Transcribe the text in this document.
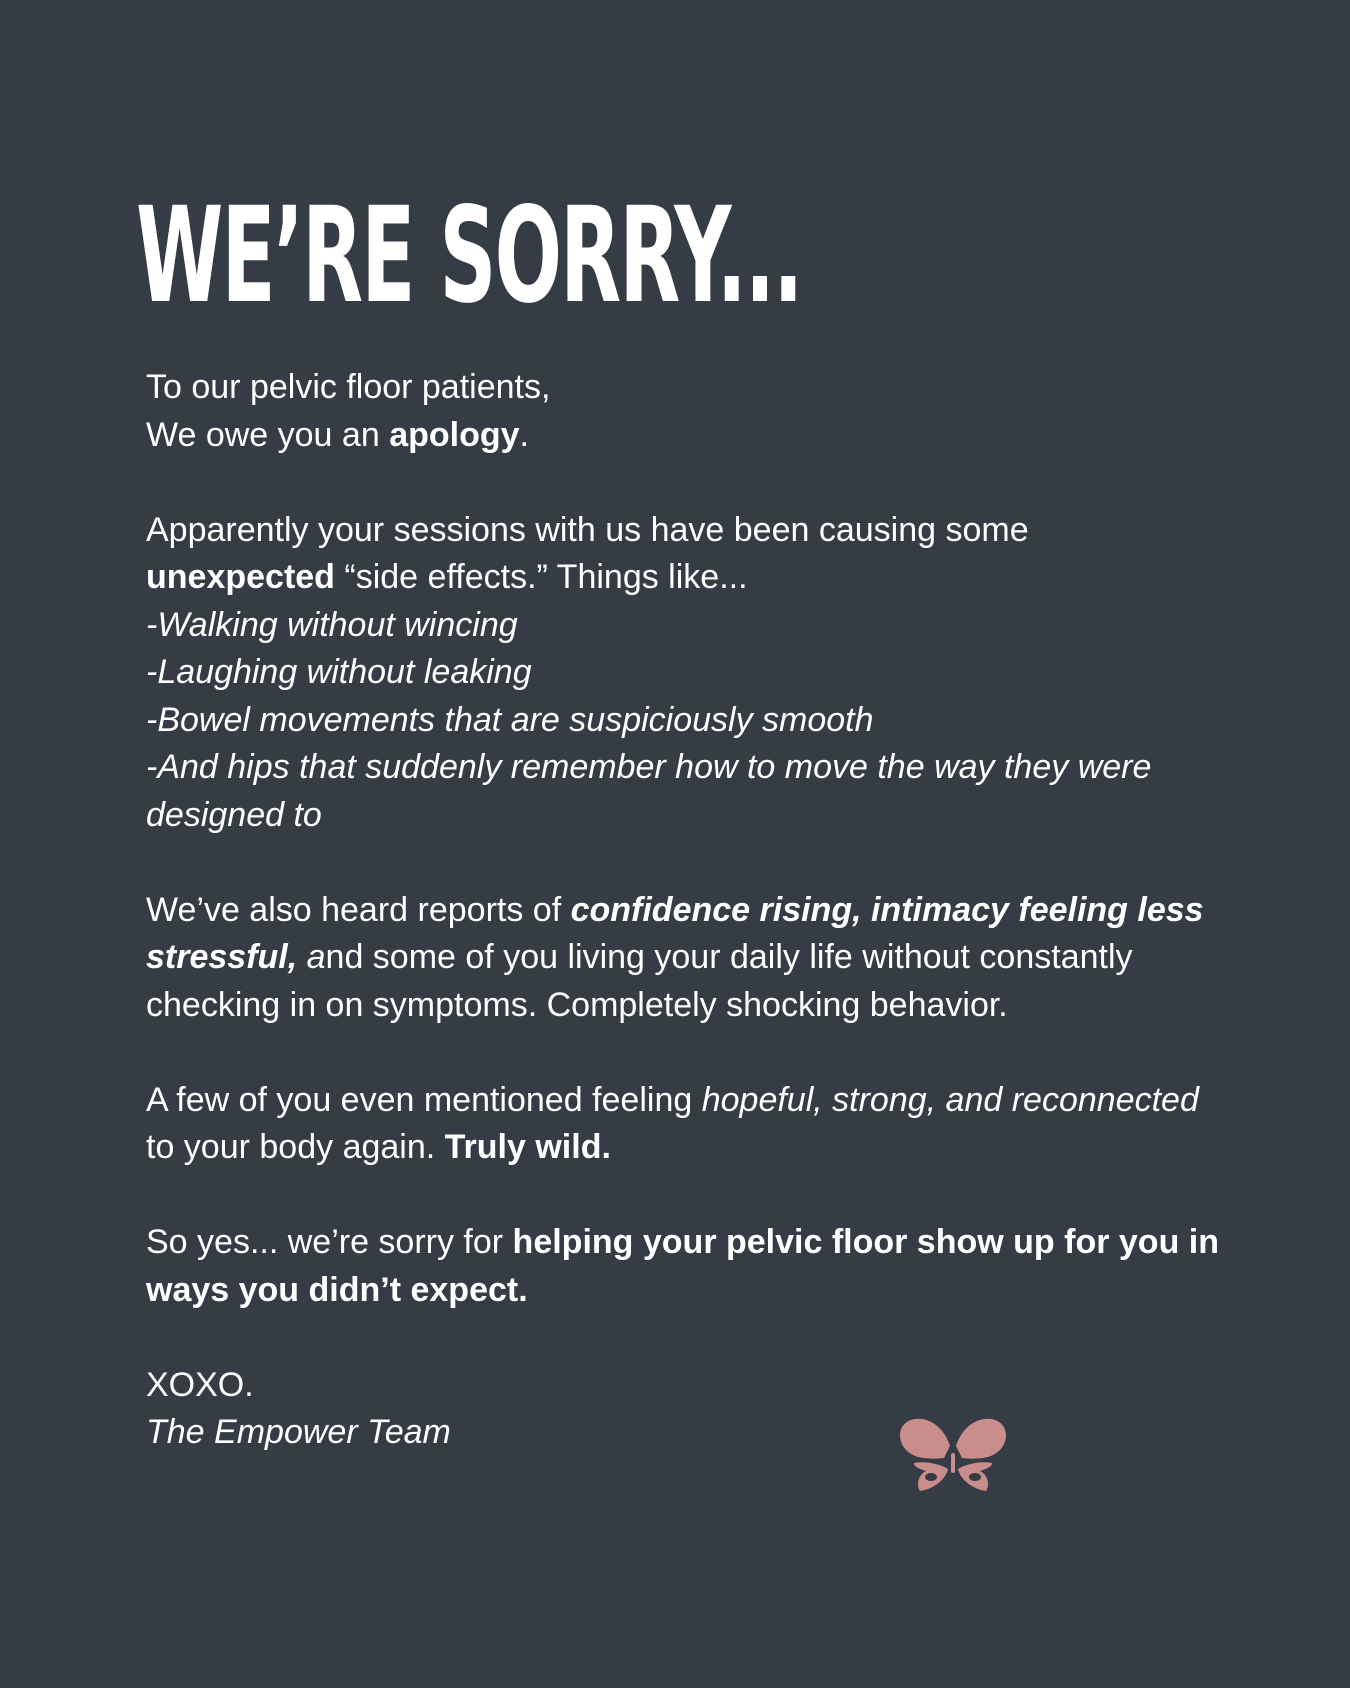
WE’RE SORRY...

To our pelvic floor patients,
We owe you an apology.

Apparently your sessions with us have been causing some
unexpected “side effects.” Things like...
-Walking without wincing
-Laughing without leaking
-Bowel movements that are suspiciously smooth
-And hips that suddenly remember how to move the way they were designed to

We’ve also heard reports of confidence rising, intimacy feeling less stressful, and some of you living your daily life without constantly checking in on symptoms. Completely shocking behavior.

A few of you even mentioned feeling hopeful, strong, and reconnected to your body again. Truly wild.

So yes... we’re sorry for helping your pelvic floor show up for you in ways you didn’t expect.

XOXO.
The Empower Team
